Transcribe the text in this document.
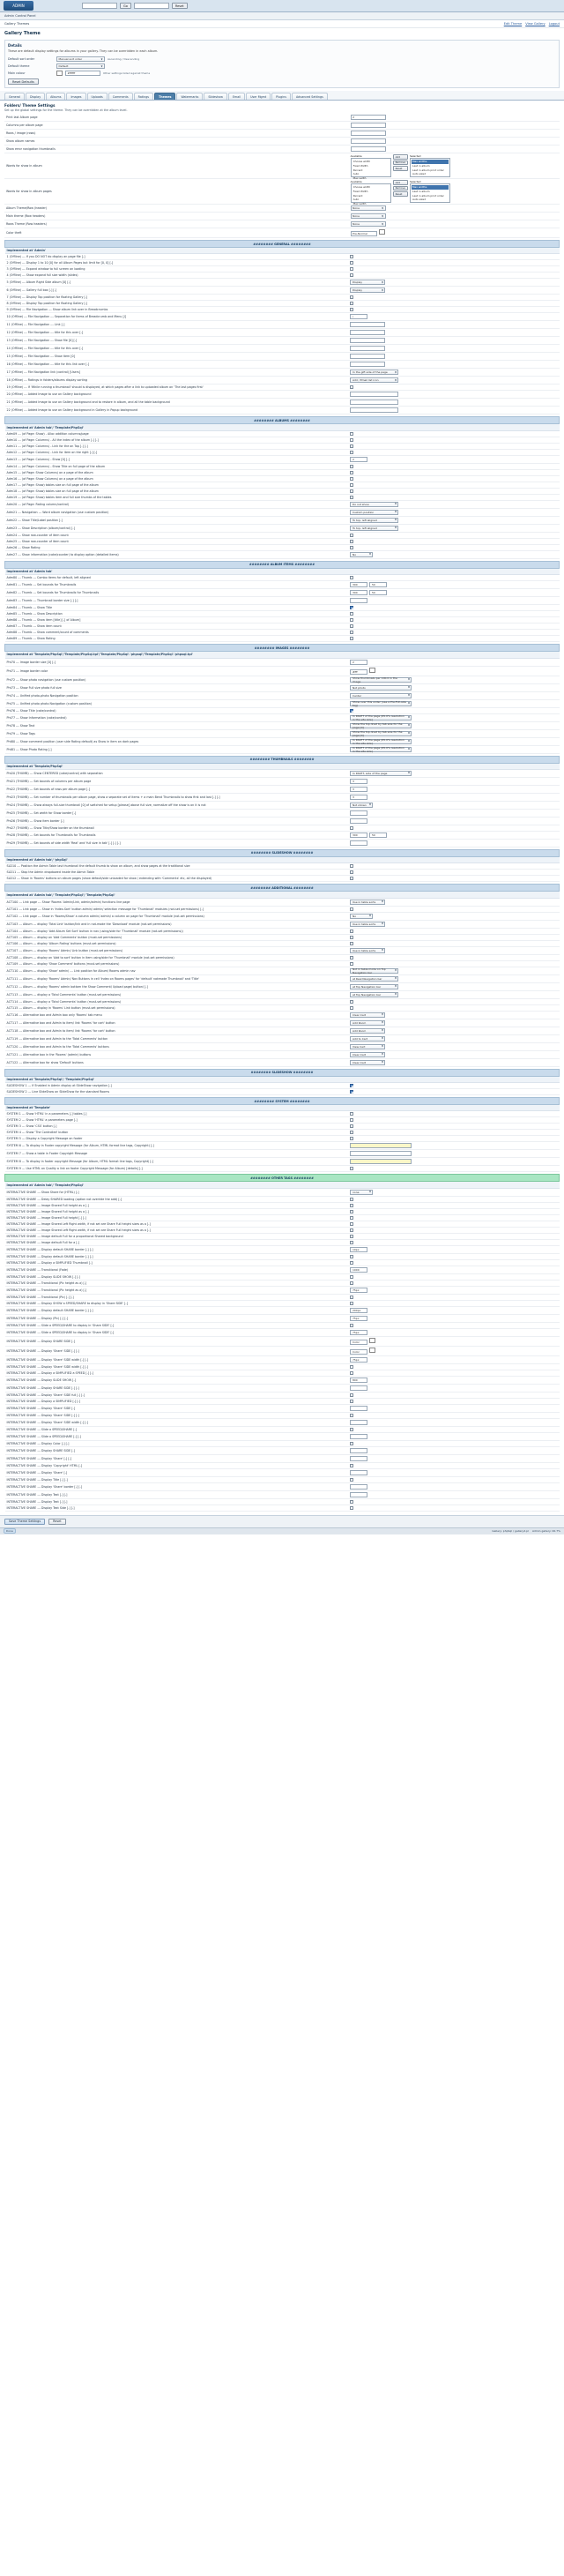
ADMIN	Go	Reset
Admin Control Panel
Gallery Themes	Edit Theme View Gallery Logout
Gallery Theme
Details
These are default display settings for albums in your gallery. They can be overridden in each album.
Default sort order	Manual sort order	▼ Ascending / Descending
Default theme	Default	▼
Main colour	#ffffff	Other settings listed against theme
Reset Defaults
General	Display	Albums	Images	Uploads	Comments	Ratings	Themes	Watermarks	Slideshow	Email	User Mgmt	Plugins	Advanced Settings
Folders/ Theme Settings
Set up the global settings for the theme. They can be overridden at the album level.
Print last Album page	2
Columns per album page	
Rows / image (rows)	
Show album names	
Show error navigation thumbnails	
Words for show in album	
Available
Choose width
Fixed Width
Percent
Auto
Max width
Add
Remove
Reset
Selected
Max widths
Last in album
Last in album print order
Auto sized

Words for show in album pages	
Available
Choose width
Fixed Width
Percent
Auto
Max width
Add
Remove
Reset
Selected
Max widths
Last in album
Last in album print order
Auto sized

Album Theme/Row (header)	None ▼

Main theme (Row headers)	None ▼

Rows Theme (Row headers)	None ▼

Color theft	Pre-Normal
######## GENERAL ########	
Implemented at 'Admin'	
1 (Offline) --- If you DO NOT do display an page file [-]	
2 (Offline) --- Display 1 to 10 [0] for all Album Pages but limit for [0, 0] [-]	
3 (Offline) --- Expand window to full screen on loading	
4 (Offline) --- Show expand full size width (slides)	
5 (Offline) --- Album Right Side album [0] [-]	Display ▼

6 (Offline) --- Gallery full box [-] [-]	Display ▼

7 (Offline) --- Display Top position for floating Gallery [-]	
8 (Offline) --- Display Top position for floating Gallery [-]	
9 (Offline) --- File Navigation --- Show album link over in Breadcrumbs	
10 (Offline) --- File Navigation --- Separation for items of Breadcrumb and Menu [/]	/
11 (Offline) --- File Navigation --- Link [-]	
12 (Offline) --- File Navigation --- title for this over [-]	
13 (Offline) --- File Navigation --- Show file [0] [-]	
14 (Offline) --- File Navigation --- title for this over [-]	
15 (Offline) --- File Navigation --- Show item [0]	
16 (Offline) --- File Navigation --- title for this link over [-]	
17 (Offline) --- File Navigation link (control) [Users]	In the gift side of the page ▼

18 (Offline) --- Ratings in folders/albums display sorting	Add / Email list icon ▼

19 (Offline) --- If 'While running a thumbnail' should is displayed, at which pages after a link to uploaded album on 'The last pages first'	
20 (Offline) --- Added Image to use on Gallery background	
21 (Offline) --- Added Image to use on Gallery background and to restore in album, and all the table background	
22 (Offline) --- Added Image to use on Gallery background in Gallery in Popup background	
######## ALBUMS ########	
Implemented at 'Admin tab'/ 'Template/PhpSql'	
Adm09 --- (of Page: Show) - Alloc addition columns/page	
Adm10 --- (of Page: Columns) - All the index of the album [-] [-]	
Adm11 --- (of Page: Columns) - Link for the on Top [-] [-]	
Adm12 --- (of Page: Columns) - Link for item on the right [-] [-]	
Adm13 --- (of Page: Columns) - Show [0] [-]	2
Adm14 --- (of Page: Columns) - Show Title on full page of the album	
Adm15 --- (of Page: Show Columns) on a page of the album	
Adm16 --- (of Page: Show Columns) on a page of the album	
Adm17 --- (of Page: Show) tables size on full page of the album	
Adm18 --- (of Page: Show) tables size on full page of the album	
Adm19 --- (of Page: Show) tables item and full size thumbs of the tables	
Adm20 --- (of Page: Rating column/control)	Do not show ▼

Adm21 --- Navigation --- Word album navigation (use custom position)	Custom position ▼

Adm22 --- Show Title/Label position [-]	To top, left aligned ▼

Adm23 --- Show Description (album/control) [-]	To top, left aligned ▼

Adm24 --- Show row-counter of item count	
Adm25 --- Show row-counter of item count	
Adm26 --- Show Rating	
Adm27 --- Show information (cake/counter) to display option (detailed items)	No ▼
######## ALBUM ITEMS ########	
Implemented at 'Admin tab'	
Adm80 --- Thumb --- Combo items for default, left aligned	
Adm81 --- Thumb --- Set bounds for Thumbnails	300 50
Adm82 --- Thumb --- Set bounds for Thumbnails for Thumbnails	300 50
Adm83 --- Thumb --- Thumbnail border size [-] [-]	
Adm84 --- Thumb --- Show Title	
Adm85 --- Thumb --- Show Description	
Adm86 --- Thumb --- Show item [title] [-] of Album]	
Adm87 --- Thumb --- Show item count	
Adm88 --- Thumb --- Show comment/count of comments	
Adm89 --- Thumb --- Show Rating	
######## IMAGES ########	
Implemented at 'Template/PhpSql'/'Template/PhpSql.tpl'/'Template/PhpSql'.'phpsql'/'Template/PhpSql'.'phpsql.tpl'	
Pht70 --- Image border size [0] [-]	2
Pht71 --- Image border color	#fff
Pht72 --- Show photo navigation (use custom position)	Show thumbnails per 100.0 in the image ▼

Pht73 --- Show Full size photo full size	Not photo ▼

Pht74 --- Unified photo-photo Navigation position	Center ▼

Pht75 --- Unified photo photo Navigation (custom position)	Show over this under (use a Pre-Full-size tag) ▼

Pht76 --- Show Title (cake/control)	
Pht77 --- Show Information (cake/control)	In RIGHT of the page (65.0% resolution in the site size) ▼

Pht78 --- Show Text	Show the top-lined by tab size for the page [0] ▼

Pht79 --- Show Tags	Show the top-lined by tab size for the page [0] ▼

Pht80 --- Show comment position (user side Rating default) as Show in item on dark pages	In RIGHT of the page (65.0% resolution in the site size) ▼

Pht81 --- Show Photo Rating [-]	In RIGHT of the page (65.0% resolution in the site size) ▼
######## THUMBNAILS ########	
Implemented at 'Template/PhpSql'	
Pht20 (THUMB) --- Show CENTERED (cake/control) with separation	In RIGHT, side of the page ▼

Pht21 (THUMB) --- Set bounds of columns per album page	3
Pht22 (THUMB) --- Set bounds of rows per album page [-]	3
Pht23 (THUMB) --- Set number of thumbnails per album page, show a separate set of items + a main Bend Thumbnails to show first and last [-] [-]	3
Pht24 (THUMB) --- Show always full-size thumbnail [0] of switched for setup [please] above full size, normalize off the show is on it is not	Not shown ▼

Pht25 (THUMB) --- Set width for Show border [-]	
Pht26 (THUMB) --- Show item border [-]	
Pht27 (THUMB) --- Show Title/Show border on the thumbnail	
Pht28 (THUMB) --- Set bounds for Thumbnails for Thumbnails	300 50
Pht29 (THUMB) --- Set bounds of side width 'Real' and 'full size in tab' [-] [-] [-]	
######## SLIDESHOW ########	
Implemented at 'Admin tab'/ 'phpSql'	
SLD10 --- Position the Admin Table last thumbnail the default thumb to show on album, and show pages at the traditional size	
SLD11 --- Stop the Admin dropdowed inside the Admin Table	
SLD12 --- Show in 'Rooms' buttons on album pages (show default/side unloaded for show / extending with 'Comments' etc, all the displayed)	
######## ADDITIONAL ########	
Implemented at 'Admin tab'/ 'Template/PhpSql'/ 'Template/PhpSql'	
ACT100 --- Link page --- Show 'Rooms' Admin/Link, admin/admin/ functions line page	Use in table sorts ▼

ACT101 --- Link page --- Show in 'Index-Sort' button admin/ admin/ selection message for 'Thumbnail' modules (not-set permissions) [-]	
ACT102 --- Link page --- Show in 'Rooms/Show' a column admin/ admin/ a column on page for 'Thumbnail' module (not-set permissions)	No ▼

ACT103 --- Album --- display 'Total Link' button/link and in not-mode the 'Download' module (not-set permissions)	Use in table sorts ▼

ACT104 --- Album --- display 'Add Album Set Sort' button in nav (using/side for 'Thumbnail' module (not-set permissions))	
ACT105 --- Album --- display on 'Add Comments' button (must-set permissions)	
ACT106 --- Album --- display 'Album Rating' buttons (must-set permissions)	
ACT107 --- Album --- display 'Rooms' Admin/ Link button (must-set permissions)	Use in table sorts ▼

ACT108 --- Album --- display on 'Add to sort' button in item using/side for 'Thumbnail' module (not-set permissions)	
ACT109 --- Album --- display 'Show Comment' buttons (must-set permissions)	
ACT110 --- Album --- display 'Show' admin/ --- Link position for Album/ Rooms admin nav	Not in table mode on Top Navigation bar ▼

ACT111 --- Album --- display 'Rooms' Admin/ Nav Buttons in cell 'Index on Rooms pages' for 'default' nakmade Thumbnail' and 'Title'	at Real Navigation bar ▼

ACT112 --- Album --- display 'Rooms' admin bottom the Show Comment/ Upload page/ button/ [-]	at Top Navigation bar ▼

ACT113 --- Album --- display a 'Total Comments' button (must-set permissions)	at Top Navigation bar ▼

ACT114 --- Album --- display a 'Total Comments' button (must-set permissions)	
ACT115 --- Album --- display in 'Rooms' Link button (must-set permissions)	
ACT116 --- Alternative box and Admin box only 'Rooms' tab menu	Clear Cart ▼

ACT117 --- Alternative box and Admin to item/ link 'Rooms' for cart' button	Add Room ▼

ACT118 --- Alternative box and Admin to item/ link 'Rooms' for cart' button	Add Room ▼

ACT119 --- Alternative box and Admin to the 'Total Comments' button	Add to Cart ▼

ACT120 --- Alternative box and Admin to the 'Total Comments' buttons	View Cart ▼

ACT121 --- Alternative box in the 'Rooms' (admin) buttons	Clear Cart ▼

ACT122 --- Alternative box for show 'Default' buttons	Clear Cart ▼
######## SLIDESHOW ########	
Implemented at 'Template/PhpSql'/ 'Template/PhpSql'	
SLIDESHOW 1 --- If Enabled in Admin display at SlideShow navigation [-]	
SLIDESHOW 2 --- Line SlideShow on SlideShow for the standard Rooms	
######## SYSTEM ########	
Implemented at 'Template'	
SYSTEM 1 --- Show 'HTML' in a parameters [-] tables [-]	
SYSTEM 2 --- Show 'HTML' a parameters page [-]	
SYSTEM 3 --- Show 'CSS' button [-]	
SYSTEM 4 --- Show 'The Controlled' button	
SYSTEM 5 --- Display a Copyright Message on footer	
SYSTEM 6 --- To display in Footer copyright Message (for Album, HTML format line tags, Copyright) [-]	
SYSTEM 7 --- Show a table in Footer Copyright Message	
SYSTEM 8 --- To display in footer copyright Message (for Album, HTML format line tags, Copyright) [-]	
SYSTEM 9 --- Use HTML on Quality a link on footer Copyright Message (for Album) [details] [-]	
######## OTHER TAGS ########	
Implemented at 'Admin tab'/ 'Template/PhpSql'	
INTERACTIVE SHARE --- Show Share for (HTML) [-]	none ▼

INTERACTIVE SHARE --- Delay SHARED loading (option not override the add) [-]	
INTERACTIVE SHARE --- Image Shared Full height as a [-]	
INTERACTIVE SHARE --- Image Shared Full height as a [-]	
INTERACTIVE SHARE --- Image Shared Full height [-] [-]	
INTERACTIVE SHARE --- Image Shared Left Right width, if not set are Share Full height sizes as a [-]	
INTERACTIVE SHARE --- Image Shared Left Right width, if not set are Share Full height sizes as a [-]	
INTERACTIVE SHARE --- Image default Full for a proportional Shared background	
INTERACTIVE SHARE --- Image default Full for a [-]	
INTERACTIVE SHARE --- Display default SHARE border [-] [-]	10px
INTERACTIVE SHARE --- Display default SHARE border [-] [-]	
INTERACTIVE SHARE --- Display a SIMPLIFIED Thumbnail [-]	
INTERACTIVE SHARE --- Transitional (Fade)	1000
INTERACTIVE SHARE --- Display SLIDE SHOW [-] [-]	
INTERACTIVE SHARE --- Transitional (Pic height as a) [-]	
INTERACTIVE SHARE --- Transitional (Pic height as a) [-]	75px
INTERACTIVE SHARE --- Transitional (Pic) [-] [-]	
INTERACTIVE SHARE --- Display SHOW a SPEED/SHARE to display in 'Share SIDE' [-]	
INTERACTIVE SHARE --- Display default SHARE border [-] [-]	200px
INTERACTIVE SHARE --- Display (Pic) [-] [-]	75px
INTERACTIVE SHARE --- Slide a SPEED/SHARE to display in 'Share SIDE' [-]	
INTERACTIVE SHARE --- Slide a SPEED/SHARE to display in 'Share SIDE' [-]	75px
INTERACTIVE SHARE --- Display SHARE SIDE [-]	Color
INTERACTIVE SHARE --- Display 'Share' SIDE [-] [-]	Color
INTERACTIVE SHARE --- Display 'Share' SIDE width [-] [-]	75px
INTERACTIVE SHARE --- Display 'Share' SIDE width [-] [-]	
INTERACTIVE SHARE --- Display a SIMPLIFIED a SPEED [-] [-]	
INTERACTIVE SHARE --- Display SLIDE SHOW [-]	800
INTERACTIVE SHARE --- Display SHARE SIDE [-] [-]	
INTERACTIVE SHARE --- Display 'Share' SIDE full [-] [-]	
INTERACTIVE SHARE --- Display a SIMPLIFIED [-] [-]	
INTERACTIVE SHARE --- Display 'Share' SIDE [-]	
INTERACTIVE SHARE --- Display 'Share' SIDE [-] [-]	
INTERACTIVE SHARE --- Display 'Share' SIDE width [-] [-]	
INTERACTIVE SHARE --- Slide a SPEED/SHARE [-]	
INTERACTIVE SHARE --- Slide a SPEED/SHARE [-] [-]	
INTERACTIVE SHARE --- Display Color [-] [-]	
INTERACTIVE SHARE --- Display SHARE SIDE [-]	
INTERACTIVE SHARE --- Display 'Share' [-] [-]	
INTERACTIVE SHARE --- Display 'Copyright' HTML [-]	
INTERACTIVE SHARE --- Display 'Share' [-]	
INTERACTIVE SHARE --- Display Title [-] [-]	
INTERACTIVE SHARE --- Display 'Share' border [-] [-]	
INTERACTIVE SHARE --- Display Text [-] [-]	
INTERACTIVE SHARE --- Display Text [-] [-]	
INTERACTIVE SHARE --- Display Text Side [-] [-]	
Save Theme Settings	Reset
Done	Gallery: phpSql / gallery2.pl Admin gallery: 00.7%
